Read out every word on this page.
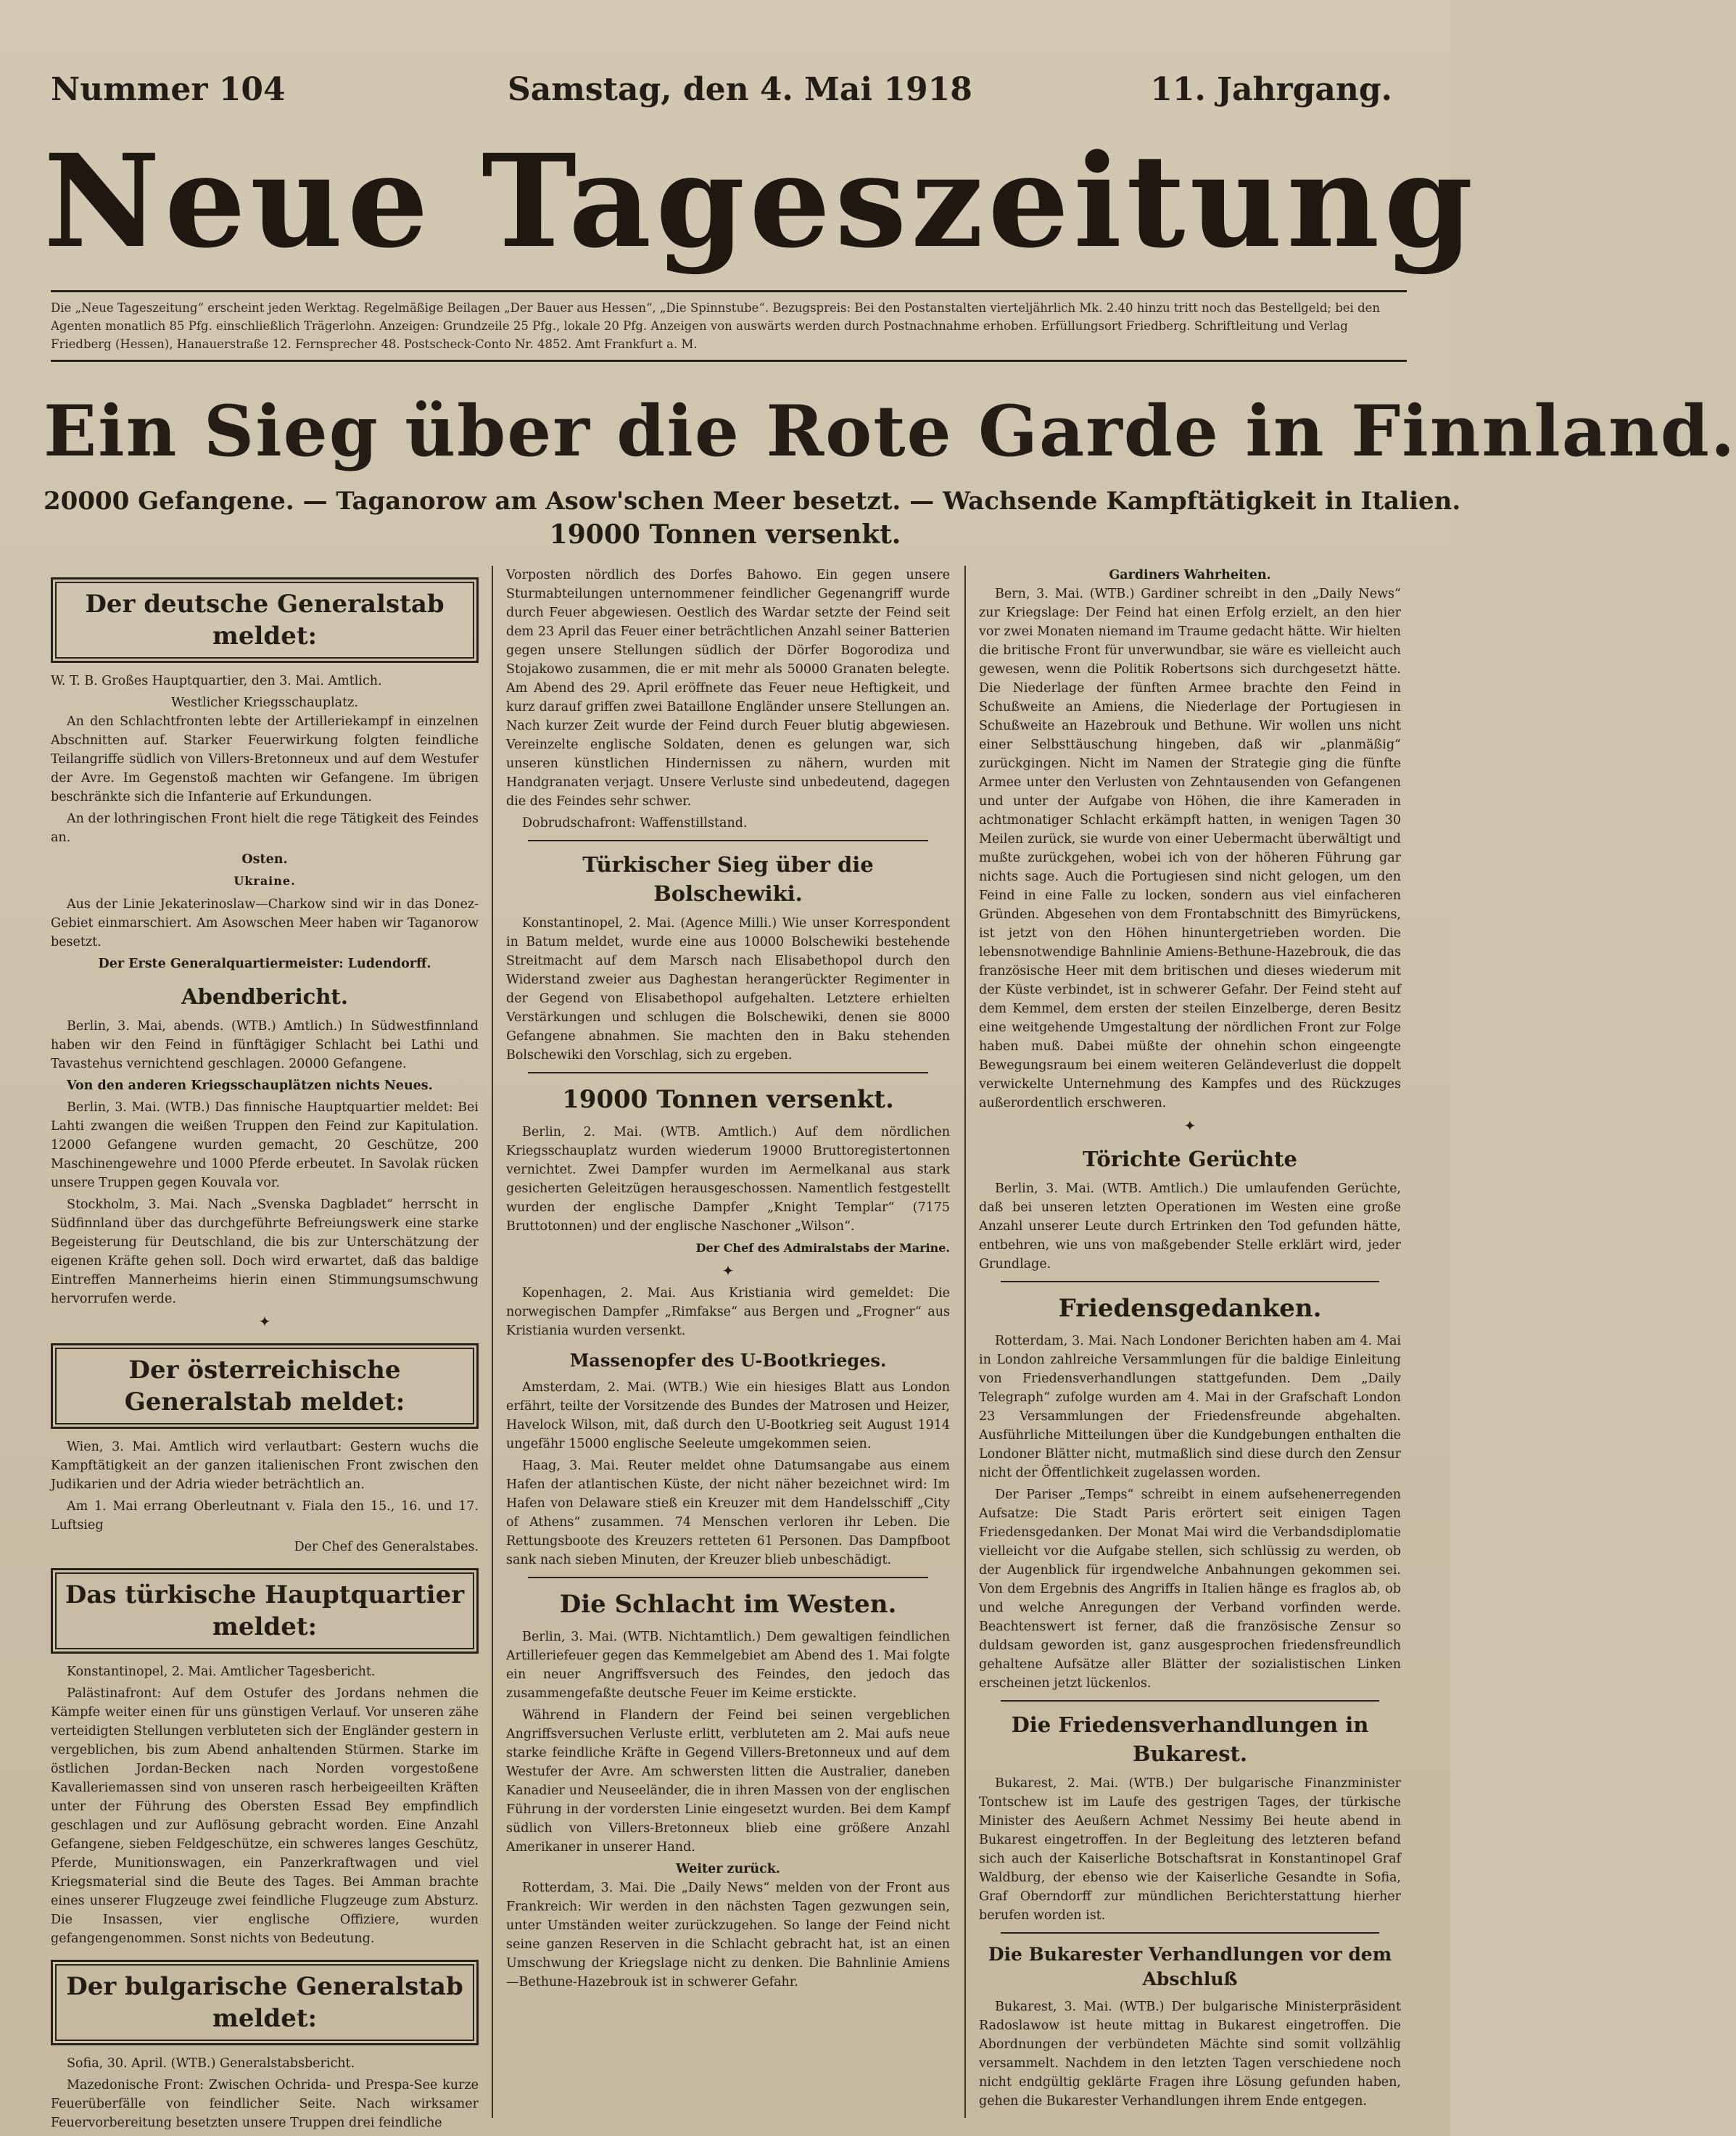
Nummer 104	Samstag, den 4. Mai 1918	11. Jahrgang.
Neue Tageszeitung
Die „Neue Tageszeitung“ erscheint jeden Werktag. Regelmäßige Beilagen „Der Bauer aus Hessen“, „Die Spinnstube“. Bezugspreis: Bei den Postanstalten vierteljährlich Mk. 2.40 hinzu tritt noch das Bestellgeld; bei den Agenten monatlich 85 Pfg. einschließlich Trägerlohn. Anzeigen: Grundzeile 25 Pfg., lokale 20 Pfg. Anzeigen von auswärts werden durch Postnachnahme erhoben. Erfüllungsort Friedberg. Schriftleitung und Verlag Friedberg (Hessen), Hanauerstraße 12. Fernsprecher 48. Postscheck-Conto Nr. 4852. Amt Frankfurt a. M.
Ein Sieg über die Rote Garde in Finnland.
20000 Gefangene. — Taganorow am Asow'schen Meer besetzt. — Wachsende Kampftätigkeit in Italien.
19000 Tonnen versenkt.
Der deutsche Generalstab meldet:

W. T. B. Großes Hauptquartier, den 3. Mai. Amtlich.

Westlicher Kriegsschauplatz.

An den Schlachtfronten lebte der Artilleriekampf in einzelnen Abschnitten auf. Starker Feuerwirkung folgten feindliche Teilangriffe südlich von Villers-Bretonneux und auf dem Westufer der Avre. Im Gegenstoß machten wir Gefangene. Im übrigen beschränkte sich die Infanterie auf Erkundungen.

An der lothringischen Front hielt die rege Tätigkeit des Feindes an.

Osten.
Ukraine.

Aus der Linie Jekaterinoslaw—Charkow sind wir in das Donez-Gebiet einmarschiert. Am Asowschen Meer haben wir Taganorow besetzt.

Der Erste Generalquartiermeister: Ludendorff.
Abendbericht.

Berlin, 3. Mai, abends. (WTB.) Amtlich.) In Südwestfinnland haben wir den Feind in fünftägiger Schlacht bei Lathi und Tavastehus vernichtend geschlagen. 20000 Gefangene.

Von den anderen Kriegsschauplätzen nichts Neues.

Berlin, 3. Mai. (WTB.) Das finnische Hauptquartier meldet: Bei Lahti zwangen die weißen Truppen den Feind zur Kapitulation. 12000 Gefangene wurden gemacht, 20 Geschütze, 200 Maschinengewehre und 1000 Pferde erbeutet. In Savolak rücken unsere Truppen gegen Kouvala vor.

Stockholm, 3. Mai. Nach „Svenska Dagbladet“ herrscht in Südfinnland über das durchgeführte Befreiungswerk eine starke Begeisterung für Deutschland, die bis zur Unterschätzung der eigenen Kräfte gehen soll. Doch wird erwartet, daß das baldige Eintreffen Mannerheims hierin einen Stimmungsumschwung hervorrufen werde.

✦
Der österreichische Generalstab meldet:

Wien, 3. Mai. Amtlich wird verlautbart: Gestern wuchs die Kampftätigkeit an der ganzen italienischen Front zwischen den Judikarien und der Adria wieder beträchtlich an.

Am 1. Mai errang Oberleutnant v. Fiala den 15., 16. und 17. Luftsieg

Der Chef des Generalstabes.
Das türkische Hauptquartier meldet:

Konstantinopel, 2. Mai. Amtlicher Tagesbericht.

Palästinafront: Auf dem Ostufer des Jordans nehmen die Kämpfe weiter einen für uns günstigen Verlauf. Vor unseren zähe verteidigten Stellungen verbluteten sich der Engländer gestern in vergeblichen, bis zum Abend anhaltenden Stürmen. Starke im östlichen Jordan-Becken nach Norden vorgestoßene Kavalleriemassen sind von unseren rasch herbeigeeilten Kräften unter der Führung des Obersten Essad Bey empfindlich geschlagen und zur Auflösung gebracht worden. Eine Anzahl Gefangene, sieben Feldgeschütze, ein schweres langes Geschütz, Pferde, Munitionswagen, ein Panzerkraftwagen und viel Kriegsmaterial sind die Beute des Tages. Bei Amman brachte eines unserer Flugzeuge zwei feindliche Flugzeuge zum Absturz. Die Insassen, vier englische Offiziere, wurden gefangengenommen. Sonst nichts von Bedeutung.

Der bulgarische Generalstab meldet:

Sofia, 30. April. (WTB.) Generalstabsbericht.

Mazedonische Front: Zwischen Ochrida- und Prespa-See kurze Feuerüberfälle von feindlicher Seite. Nach wirksamer Feuervorbereitung besetzten unsere Truppen drei feindliche

Vorposten nördlich des Dorfes Bahowo. Ein gegen unsere Sturmabteilungen unternommener feindlicher Gegenangriff wurde durch Feuer abgewiesen. Oestlich des Wardar setzte der Feind seit dem 23 April das Feuer einer beträchtlichen Anzahl seiner Batterien gegen unsere Stellungen südlich der Dörfer Bogorodiza und Stojakowo zusammen, die er mit mehr als 50000 Granaten belegte. Am Abend des 29. April eröffnete das Feuer neue Heftigkeit, und kurz darauf griffen zwei Bataillone Engländer unsere Stellungen an. Nach kurzer Zeit wurde der Feind durch Feuer blutig abgewiesen. Vereinzelte englische Soldaten, denen es gelungen war, sich unseren künstlichen Hindernissen zu nähern, wurden mit Handgranaten verjagt. Unsere Verluste sind unbedeutend, dagegen die des Feindes sehr schwer.

Dobrudschafront: Waffenstillstand.

Türkischer Sieg über die Bolschewiki.

Konstantinopel, 2. Mai. (Agence Milli.) Wie unser Korrespondent in Batum meldet, wurde eine aus 10000 Bolschewiki bestehende Streitmacht auf dem Marsch nach Elisabethopol durch den Widerstand zweier aus Daghestan herangerückter Regimenter in der Gegend von Elisabethopol aufgehalten. Letztere erhielten Verstärkungen und schlugen die Bolschewiki, denen sie 8000 Gefangene abnahmen. Sie machten den in Baku stehenden Bolschewiki den Vorschlag, sich zu ergeben.

19000 Tonnen versenkt.

Berlin, 2. Mai. (WTB. Amtlich.) Auf dem nördlichen Kriegsschauplatz wurden wiederum 19000 Bruttoregistertonnen vernichtet. Zwei Dampfer wurden im Aermelkanal aus stark gesicherten Geleitzügen herausgeschossen. Namentlich festgestellt wurden der englische Dampfer „Knight Templar“ (7175 Bruttotonnen) und der englische Naschoner „Wilson“.

Der Chef des Admiralstabs der Marine.
✦

Kopenhagen, 2. Mai. Aus Kristiania wird gemeldet: Die norwegischen Dampfer „Rimfakse“ aus Bergen und „Frogner“ aus Kristiania wurden versenkt.

Massenopfer des U-Bootkrieges.

Amsterdam, 2. Mai. (WTB.) Wie ein hiesiges Blatt aus London erfährt, teilte der Vorsitzende des Bundes der Matrosen und Heizer, Havelock Wilson, mit, daß durch den U-Bootkrieg seit August 1914 ungefähr 15000 englische Seeleute umgekommen seien.

Haag, 3. Mai. Reuter meldet ohne Datumsangabe aus einem Hafen der atlantischen Küste, der nicht näher bezeichnet wird: Im Hafen von Delaware stieß ein Kreuzer mit dem Handelsschiff „City of Athens“ zusammen. 74 Menschen verloren ihr Leben. Die Rettungsboote des Kreuzers retteten 61 Personen. Das Dampfboot sank nach sieben Minuten, der Kreuzer blieb unbeschädigt.

Die Schlacht im Westen.

Berlin, 3. Mai. (WTB. Nichtamtlich.) Dem gewaltigen feindlichen Artilleriefeuer gegen das Kemmelgebiet am Abend des 1. Mai folgte ein neuer Angriffsversuch des Feindes, den jedoch das zusammengefaßte deutsche Feuer im Keime erstickte.

Während in Flandern der Feind bei seinen vergeblichen Angriffsversuchen Verluste erlitt, verbluteten am 2. Mai aufs neue starke feindliche Kräfte in Gegend Villers-Bretonneux und auf dem Westufer der Avre. Am schwersten litten die Australier, daneben Kanadier und Neuseeländer, die in ihren Massen von der englischen Führung in der vordersten Linie eingesetzt wurden. Bei dem Kampf südlich von Villers-Bretonneux blieb eine größere Anzahl Amerikaner in unserer Hand.

Weiter zurück.

Rotterdam, 3. Mai. Die „Daily News“ melden von der Front aus Frankreich: Wir werden in den nächsten Tagen gezwungen sein, unter Umständen weiter zurückzugehen. So lange der Feind nicht seine ganzen Reserven in die Schlacht gebracht hat, ist an einen Umschwung der Kriegslage nicht zu denken. Die Bahnlinie Amiens—Bethune-Hazebrouk ist in schwerer Gefahr.

Gardiners Wahrheiten.

Bern, 3. Mai. (WTB.) Gardiner schreibt in den „Daily News“ zur Kriegslage: Der Feind hat einen Erfolg erzielt, an den hier vor zwei Monaten niemand im Traume gedacht hätte. Wir hielten die britische Front für unverwundbar, sie wäre es vielleicht auch gewesen, wenn die Politik Robertsons sich durchgesetzt hätte. Die Niederlage der fünften Armee brachte den Feind in Schußweite an Amiens, die Niederlage der Portugiesen in Schußweite an Hazebrouk und Bethune. Wir wollen uns nicht einer Selbsttäuschung hingeben, daß wir „planmäßig“ zurückgingen. Nicht im Namen der Strategie ging die fünfte Armee unter den Verlusten von Zehntausenden von Gefangenen und unter der Aufgabe von Höhen, die ihre Kameraden in achtmonatiger Schlacht erkämpft hatten, in wenigen Tagen 30 Meilen zurück, sie wurde von einer Uebermacht überwältigt und mußte zurückgehen, wobei ich von der höheren Führung gar nichts sage. Auch die Portugiesen sind nicht gelogen, um den Feind in eine Falle zu locken, sondern aus viel einfacheren Gründen. Abgesehen von dem Frontabschnitt des Bimyrückens, ist jetzt von den Höhen hinuntergetrieben worden. Die lebensnotwendige Bahnlinie Amiens-Bethune-Hazebrouk, die das französische Heer mit dem britischen und dieses wiederum mit der Küste verbindet, ist in schwerer Gefahr. Der Feind steht auf dem Kemmel, dem ersten der steilen Einzelberge, deren Besitz eine weitgehende Umgestaltung der nördlichen Front zur Folge haben muß. Dabei müßte der ohnehin schon eingeengte Bewegungsraum bei einem weiteren Geländeverlust die doppelt verwickelte Unternehmung des Kampfes und des Rückzuges außerordentlich erschweren.

✦
Törichte Gerüchte

Berlin, 3. Mai. (WTB. Amtlich.) Die umlaufenden Gerüchte, daß bei unseren letzten Operationen im Westen eine große Anzahl unserer Leute durch Ertrinken den Tod gefunden hätte, entbehren, wie uns von maßgebender Stelle erklärt wird, jeder Grundlage.

Friedensgedanken.

Rotterdam, 3. Mai. Nach Londoner Berichten haben am 4. Mai in London zahlreiche Versammlungen für die baldige Einleitung von Friedensverhandlungen stattgefunden. Dem „Daily Telegraph“ zufolge wurden am 4. Mai in der Grafschaft London 23 Versammlungen der Friedensfreunde abgehalten. Ausführliche Mitteilungen über die Kundgebungen enthalten die Londoner Blätter nicht, mutmaßlich sind diese durch den Zensur nicht der Öffentlichkeit zugelassen worden.

Der Pariser „Temps“ schreibt in einem aufsehenerregenden Aufsatze: Die Stadt Paris erörtert seit einigen Tagen Friedensgedanken. Der Monat Mai wird die Verbandsdiplomatie vielleicht vor die Aufgabe stellen, sich schlüssig zu werden, ob der Augenblick für irgendwelche Anbahnungen gekommen sei. Von dem Ergebnis des Angriffs in Italien hänge es fraglos ab, ob und welche Anregungen der Verband vorfinden werde. Beachtenswert ist ferner, daß die französische Zensur so duldsam geworden ist, ganz ausgesprochen friedensfreundlich gehaltene Aufsätze aller Blätter der sozialistischen Linken erscheinen jetzt lückenlos.

Die Friedensverhandlungen in Bukarest.

Bukarest, 2. Mai. (WTB.) Der bulgarische Finanzminister Tontschew ist im Laufe des gestrigen Tages, der türkische Minister des Aeußern Achmet Nessimy Bei heute abend in Bukarest eingetroffen. In der Begleitung des letzteren befand sich auch der Kaiserliche Botschaftsrat in Konstantinopel Graf Waldburg, der ebenso wie der Kaiserliche Gesandte in Sofia, Graf Oberndorff zur mündlichen Berichterstattung hierher berufen worden ist.

Die Bukarester Verhandlungen vor dem Abschluß

Bukarest, 3. Mai. (WTB.) Der bulgarische Ministerpräsident Radoslawow ist heute mittag in Bukarest eingetroffen. Die Abordnungen der verbündeten Mächte sind somit vollzählig versammelt. Nachdem in den letzten Tagen verschiedene noch nicht endgültig geklärte Fragen ihre Lösung gefunden haben, gehen die Bukarester Verhandlungen ihrem Ende entgegen.
